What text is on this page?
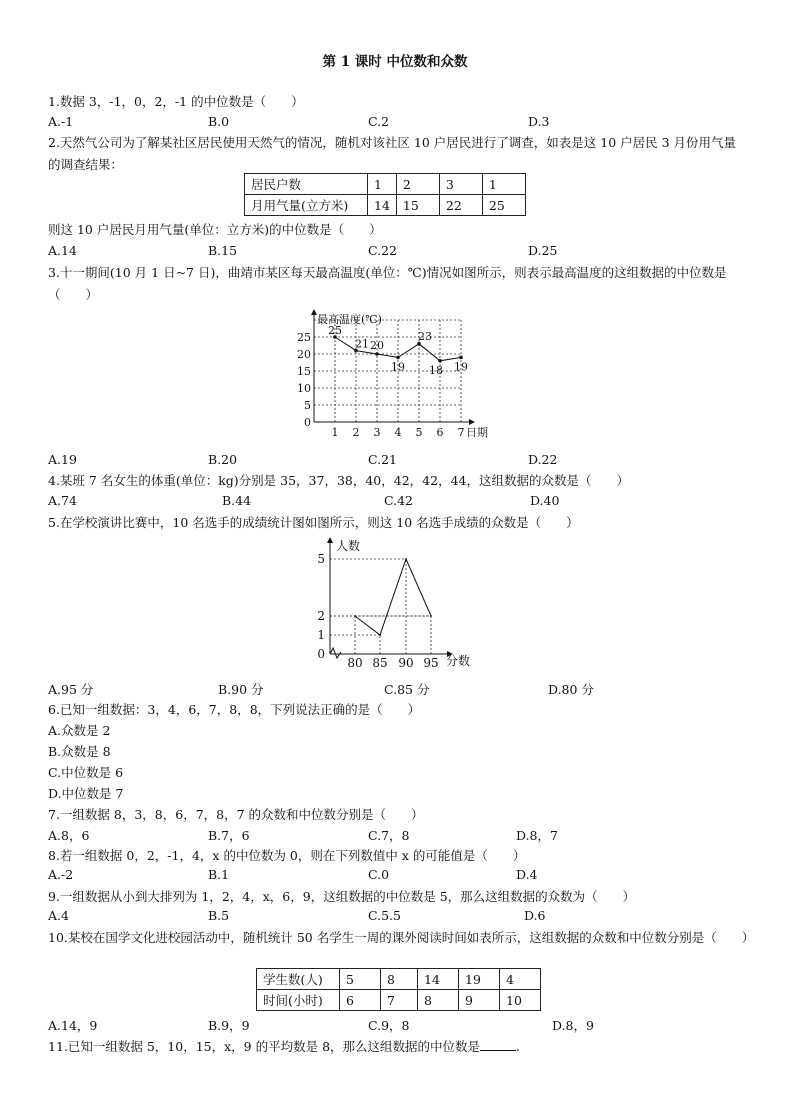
第 1 课时 中位数和众数
1.数据 3，-1，0，2，-1 的中位数是（　　）
A.-1	B.0	C.2	D.3
2.天然气公司为了解某社区居民使用天然气的情况，随机对该社区 10 户居民进行了调查，如表是这 10 户居民 3 月份用气量的调查结果：
居民户数	1	2	3	1
月用气量(立方米)	14	15	22	25
则这 10 户居民月用气量(单位：立方米)的中位数是（　　）
A.14	B.15	C.22	D.25
3.十一期间(10 月 1 日~7 日)，曲靖市某区每天最高温度(单位：℃)情况如图所示，则表示最高温度的这组数据的中位数是（　　）
最高温度(℃)
日期
0
5
10
15
20
25
1 2 3 4 5 6 7
25
21 20
19
23
18 19
A.19	B.20	C.21	D.22
4.某班 7 名女生的体重(单位：kg)分别是 35，37，38，40，42，42，44，这组数据的众数是（　　）
A.74	B.44	C.42	D.40
5.在学校演讲比赛中，10 名选手的成绩统计图如图所示，则这 10 名选手成绩的众数是（　　）
人数
分数
0
1
2
5
80 85 90 95
A.95 分	B.90 分	C.85 分	D.80 分
6.已知一组数据：3，4，6，7，8，8，下列说法正确的是（　　）
A.众数是 2
B.众数是 8
C.中位数是 6
D.中位数是 7
7.一组数据 8，3，8，6，7，8，7 的众数和中位数分别是（　　）
A.8，6	B.7，6	C.7，8	D.8，7
8.若一组数据 0，2，-1，4，x 的中位数为 0，则在下列数值中 x 的可能值是（　　）
A.-2	B.1	C.0	D.4
9.一组数据从小到大排列为 1，2，4，x，6，9，这组数据的中位数是 5，那么这组数据的众数为（　　）
A.4	B.5	C.5.5	D.6
10.某校在国学文化进校园活动中，随机统计 50 名学生一周的课外阅读时间如表所示，这组数据的众数和中位数分别是（　　）
学生数(人)	5	8	14	19	4
时间(小时)	6	7	8	9	10
A.14，9	B.9，9	C.9，8	D.8，9
11.已知一组数据 5，10，15，x，9 的平均数是 8，那么这组数据的中位数是	.
